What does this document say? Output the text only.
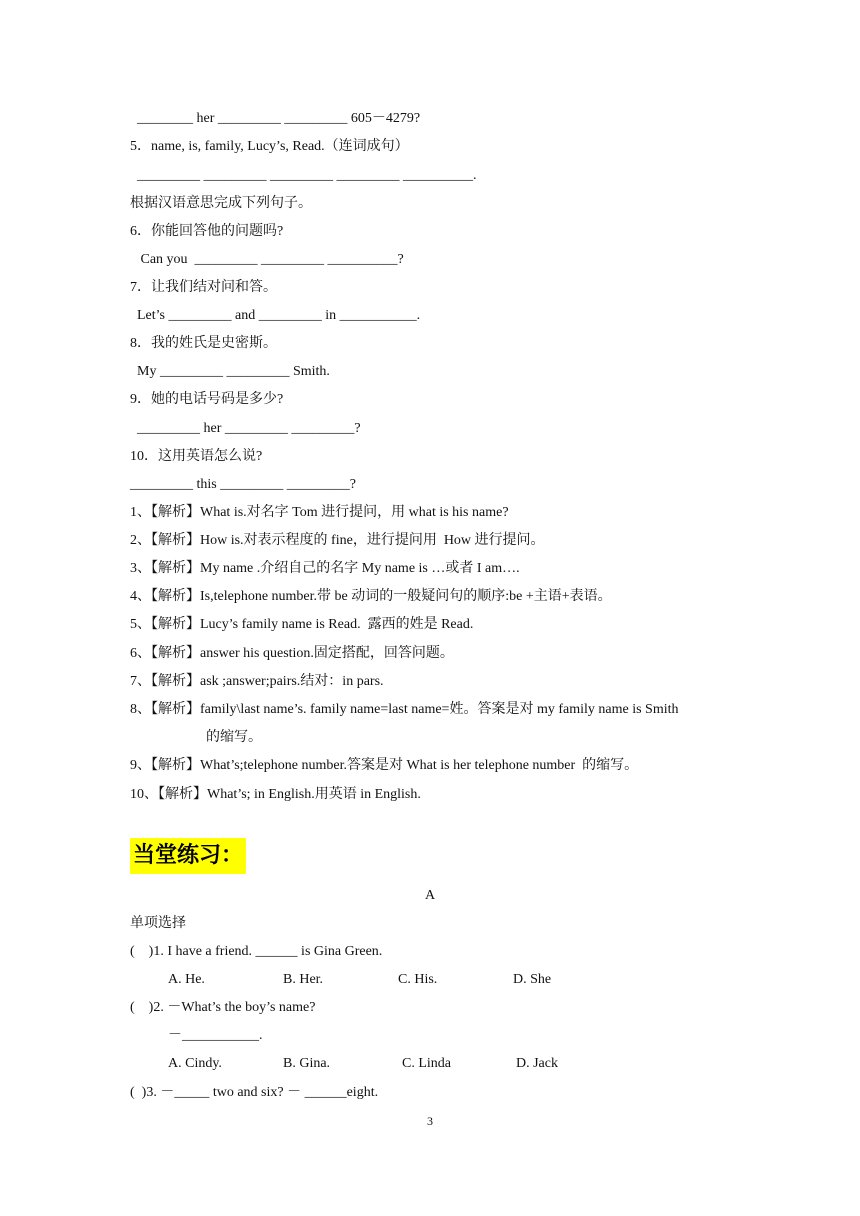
________ her _________ _________ 605－4279?
5．name, is, family, Lucy’s, Read.（连词成句）
_________ _________ _________ _________ __________.
根据汉语意思完成下列句子。
6．你能回答他的问题吗?
Can you  _________ _________ __________?
7．让我们结对问和答。
Let’s _________ and _________ in ___________.
8．我的姓氏是史密斯。
My _________ _________ Smith.
9．她的电话号码是多少?
_________ her _________ _________?
10．这用英语怎么说?
_________ this _________ _________?
1、【解析】What is.对名字 Tom 进行提问，用 what is his name?
2、【解析】How is.对表示程度的 fine，进行提问用  How 进行提问。
3、【解析】My name .介绍自己的名字 My name is …或者 I am….
4、【解析】Is,telephone number.带 be 动词的一般疑问句的顺序:be +主语+表语。
5、【解析】Lucy’s family name is Read.  露西的姓是 Read.
6、【解析】answer his question.固定搭配，回答问题。
7、【解析】ask ;answer;pairs.结对：in pars.
8、【解析】family\last name’s. family name=last name=姓。答案是对 my family name is Smith
的缩写。
9、【解析】What’s;telephone number.答案是对 What is her telephone number  的缩写。
10、【解析】What’s; in English.用英语 in English.
当堂练习：
A
单项选择
(    )1. I have a friend. ______ is Gina Green.
A. He.	B. Her.	C. His.	D. She
(    )2. －What’s the boy’s name?
－___________.
A. Cindy.	B. Gina.	C. Linda	D. Jack
(  )3. －_____ two and six? － ______eight.
3
